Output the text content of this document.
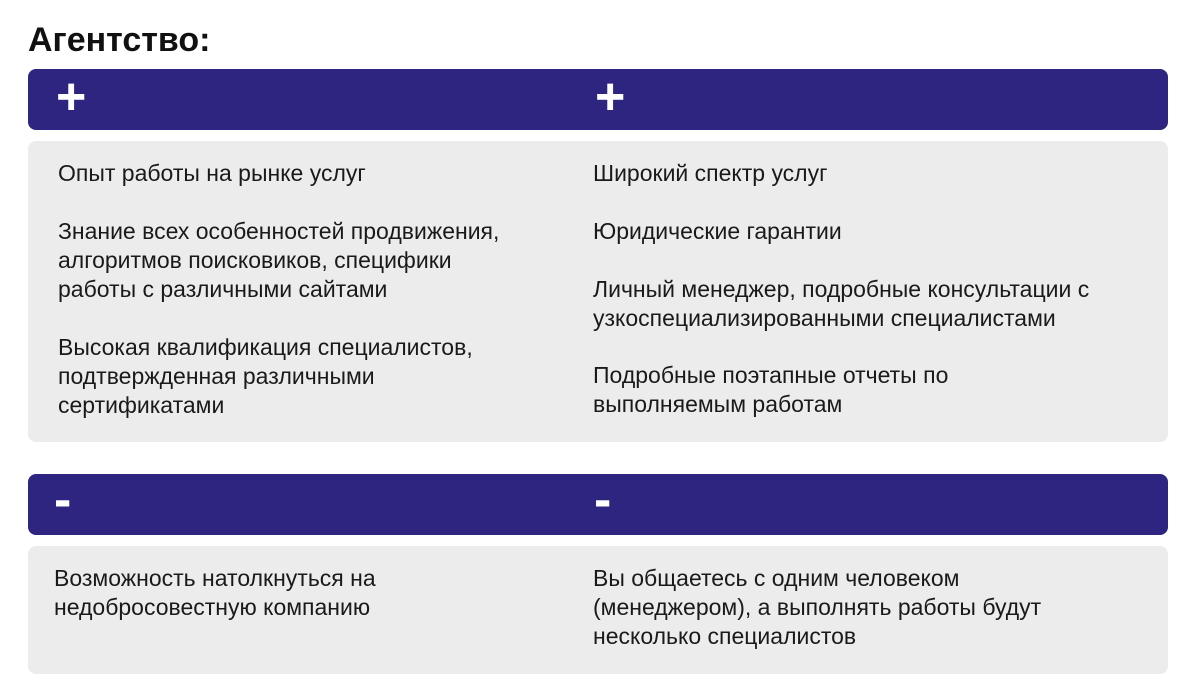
Агентство:
+	+

Опыт работы на рынке услуг

Знание всех особенностей продвижения,
алгоритмов поисковиков, специфики
работы с различными сайтами

Высокая квалификация специалистов,
подтвержденная различными
сертификатами

Широкий спектр услуг

Юридические гарантии

Личный менеджер, подробные консультации с
узкоспециализированными специалистами

Подробные поэтапные отчеты по
выполняемым работам

-	-

Возможность натолкнуться на
недобросовестную компанию

Вы общаетесь с одним человеком
(менеджером), а выполнять работы будут
несколько специалистов
